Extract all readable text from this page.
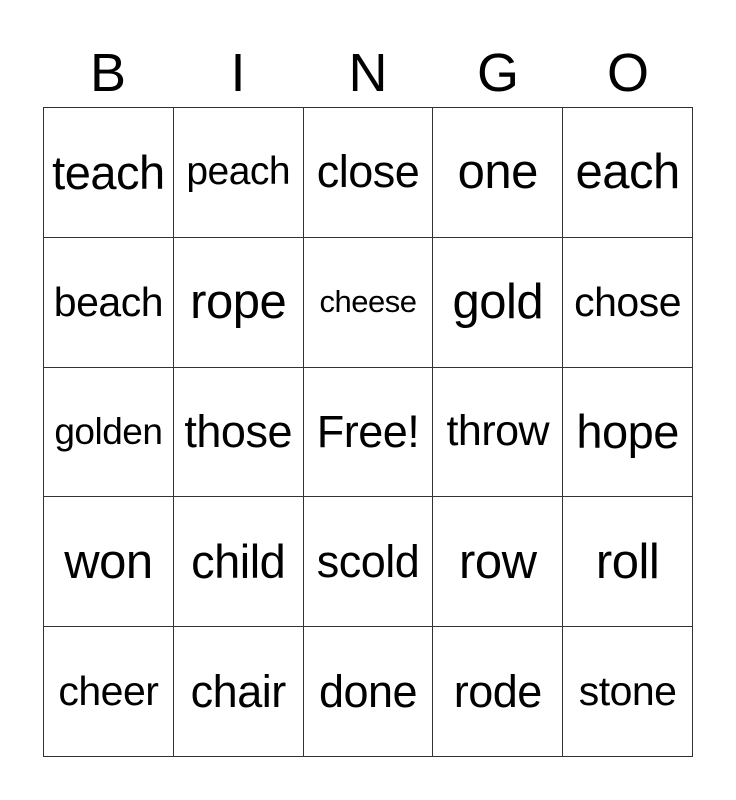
B	I	N	G	O
teach peach close one each
beach rope	cheese gold chose
golden those Free! throw hope
won child scold row	roll
cheer chair done rode stone
